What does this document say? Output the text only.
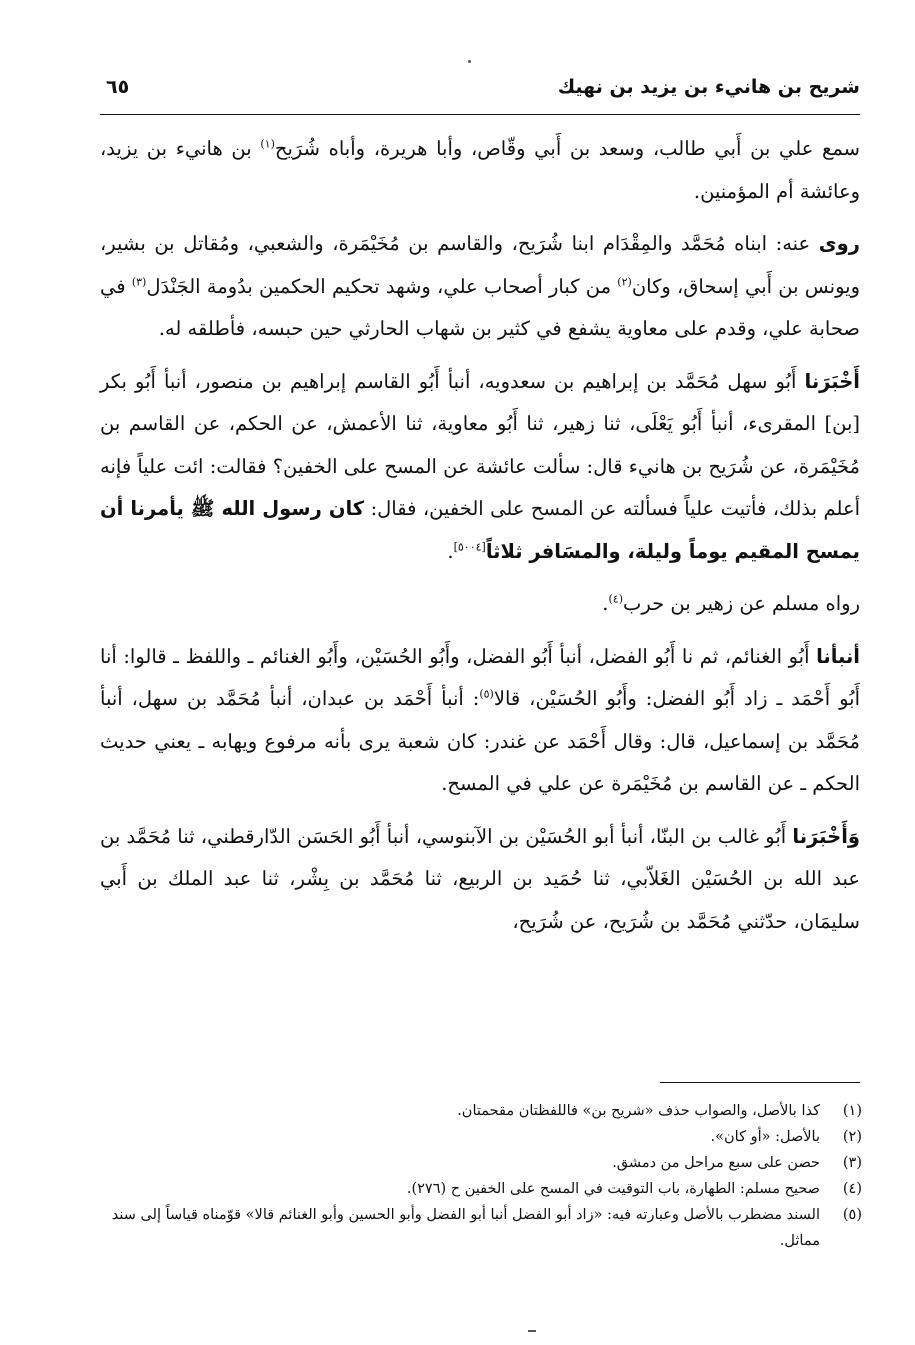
شريح بن هانيء بن يزيد بن نهيك
٦٥

سمع علي بن أَبي طالب، وسعد بن أَبي وقّاص، وأبا هريرة، وأباه شُرَيح$^{(١)}$ بن هانيء بن يزيد، وعائشة أم المؤمنين.

روى عنه: ابناه مُحَمَّد والمِقْدَام ابنا شُرَيح، والقاسم بن مُخَيْمَرة، والشعبي، ومُقاتل بن بشير، ويونس بن أَبي إسحاق، وكان$^{(٢)}$ من كبار أصحاب علي، وشهد تحكيم الحكمين بدُومة الجَنْدَل$^{(٣)}$ في صحابة علي، وقدم على معاوية يشفع في كثير بن شهاب الحارثي حين حبسه، فأطلقه له.

أَخْبَرَنا أَبُو سهل مُحَمَّد بن إبراهيم بن سعدويه، أنبأ أَبُو القاسم إبراهيم بن منصور، أنبأ أَبُو بكر [بن] المقرىء، أنبأ أَبُو يَعْلَى، ثنا زهير، ثنا أَبُو معاوية، ثنا الأعمش، عن الحكم، عن القاسم بن مُخَيْمَرة، عن شُرَيح بن هانيء قال: سألت عائشة عن المسح على الخفين؟ فقالت: ائت علياً فإنه أعلم بذلك، فأتيت علياً فسألته عن المسح على الخفين، فقال: كان رسول الله ﷺ يأمرنا أن يمسح المقيم يوماً وليلة، والمسَافر ثلاثاً[٥٠٠٤].

رواه مسلم عن زهير بن حرب$^{(٤)}$.

أنبأنا أَبُو الغنائم، ثم نا أَبُو الفضل، أنبأ أَبُو الفضل، وأَبُو الحُسَيْن، وأَبُو الغنائم ـ واللفظ ـ قالوا: أنا أَبُو أَحْمَد ـ زاد أَبُو الفضل: وأَبُو الحُسَيْن، قالا$^{(٥)}$: أنبأ أَحْمَد بن عبدان، أنبأ مُحَمَّد بن سهل، أنبأ مُحَمَّد بن إسماعيل، قال: وقال أَحْمَد عن غندر: كان شعبة يرى بأنه مرفوع ويهابه ـ يعني حديث الحكم ـ عن القاسم بن مُخَيْمَرة عن علي في المسح.

وَأَخْبَرَنا أَبُو غالب بن البنّا، أنبأ أبو الحُسَيْن بن الآبنوسي، أنبأ أَبُو الحَسَن الدّارقطني، ثنا مُحَمَّد بن عبد الله بن الحُسَيْن الغَلاّبي، ثنا حُمَيد بن الربيع، ثنا مُحَمَّد بن بِشْر، ثنا عبد الملك بن أَبي سليمَان، حدّثني مُحَمَّد بن شُرَيح، عن شُرَيح،

(١)
كذا بالأصل، والصواب حذف «شريح بن» فاللفظتان مقحمتان.
(٢)
بالأصل: «أو كان».
(٣)
حصن على سبع مراحل من دمشق.
(٤)
صحيح مسلم: الطهارة، باب التوقيت في المسح على الخفين ح (٢٧٦).
(٥)
السند مضطرب بالأصل وعبارته فيه: «زاد أبو الفضل أنبا أبو الفضل وأبو الحسين وأبو الغنائم قالا» قوّمناه قياساً إلى سند مماثل.
